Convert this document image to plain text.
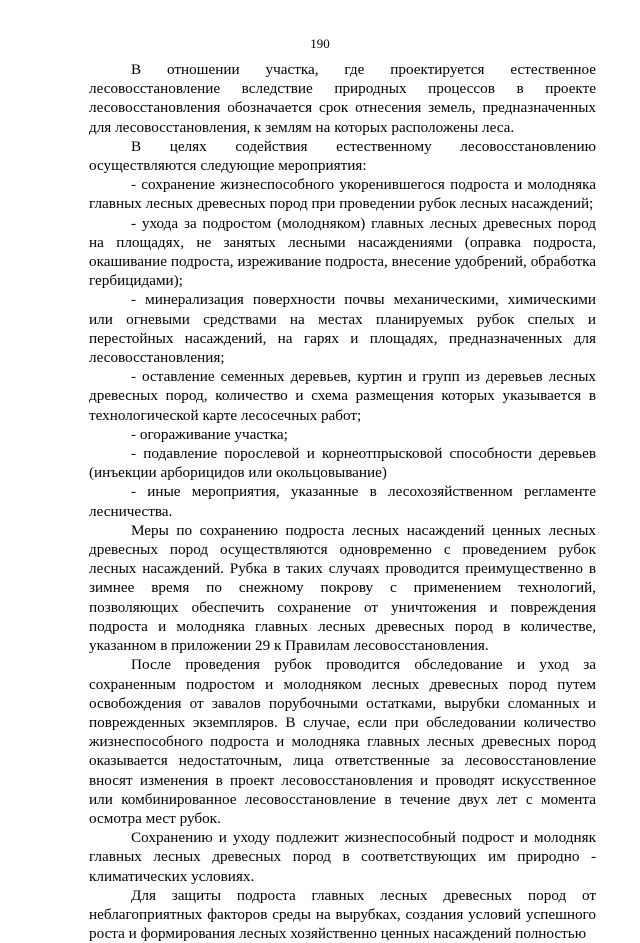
190

В отношении участка, где проектируется естественное лесовосстановление вследствие природных процессов в проекте лесовосстановления обозначается срок отнесения земель, предназначенных для лесовосстановления, к землям на которых расположены леса.

В целях содействия естественному лесовосстановлению осуществляются следующие мероприятия:

- сохранение жизнеспособного укоренившегося подроста и молодняка главных лесных древесных пород при проведении рубок лесных насаждений;

- ухода за подростом (молодняком) главных лесных древесных пород на площадях, не занятых лесными насаждениями (оправка подроста, окашивание подроста, изреживание подроста, внесение удобрений, обработка гербицидами);

- минерализация поверхности почвы механическими, химическими или огневыми средствами на местах планируемых рубок спелых и перестойных насаждений, на гарях и площадях, предназначенных для лесовосстановления;

- оставление семенных деревьев, куртин и групп из деревьев лесных древесных пород, количество и схема размещения которых указывается в технологической карте лесосечных работ;

- огораживание участка;

- подавление порослевой и корнеотпрысковой способности деревьев (инъекции арборицидов или окольцовывание)

- иные мероприятия, указанные в лесохозяйственном регламенте лесничества.

Меры по сохранению подроста лесных насаждений ценных лесных древесных пород осуществляются одновременно с проведением рубок лесных насаждений. Рубка в таких случаях проводится преимущественно в зимнее время по снежному покрову с применением технологий, позволяющих обеспечить сохранение от уничтожения и повреждения подроста и молодняка главных лесных древесных пород в количестве, указанном в приложении 29 к Правилам лесовосстановления.

После проведения рубок проводится обследование и уход за сохраненным подростом и молодняком лесных древесных пород путем освобождения от завалов порубочными остатками, вырубки сломанных и поврежденных экземпляров. В случае, если при обследовании количество жизнеспособного подроста и молодняка главных лесных древесных пород оказывается недостаточным, лица ответственные за лесовосстановление вносят изменения в проект лесовосстановления и проводят искусственное или комбинированное лесовосстановление в течение двух лет с момента осмотра мест рубок.

Сохранению и уходу подлежит жизнеспособный подрост и молодняк главных лесных древесных пород в соответствующих им природно - климатических условиях.

Для защиты подроста главных лесных древесных пород от неблагоприятных факторов среды на вырубках, создания условий успешного роста и формирования лесных хозяйственно ценных насаждений полностью
